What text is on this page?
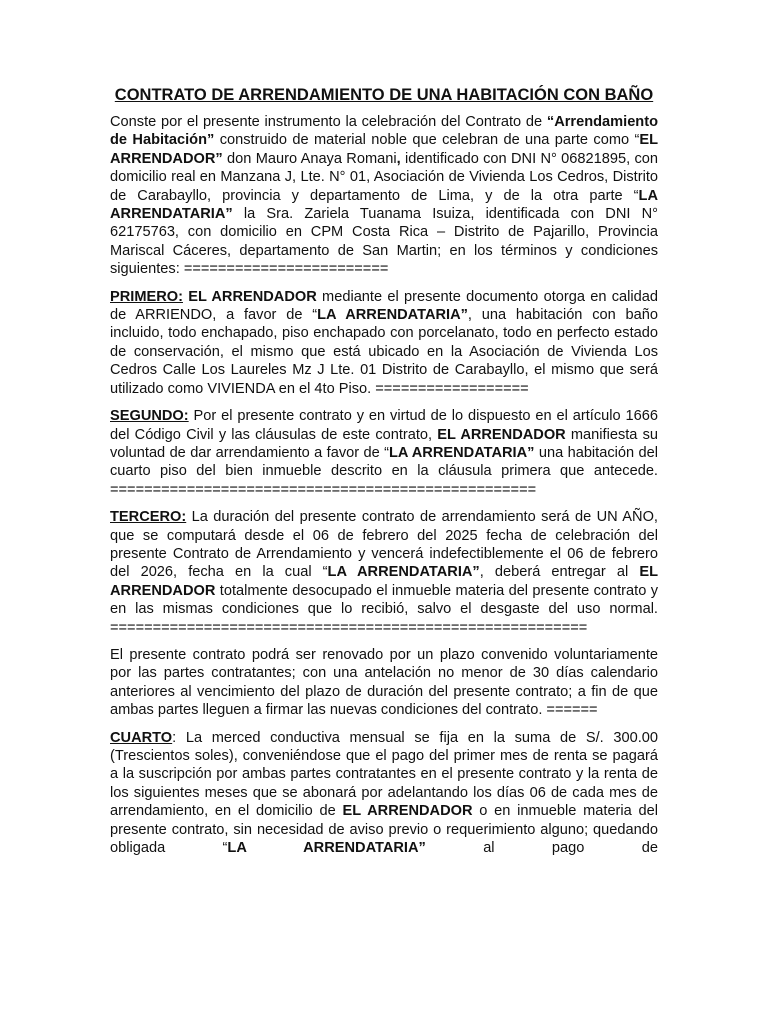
CONTRATO DE ARRENDAMIENTO DE UNA HABITACIÓN CON BAÑO

Conste por el presente instrumento la celebración del Contrato de “Arrendamiento de Habitación” construido de material noble que celebran de una parte como “EL ARRENDADOR” don Mauro Anaya Romani, identificado con DNI N° 06821895, con domicilio real en Manzana J, Lte. N° 01, Asociación de Vivienda Los Cedros, Distrito de Carabayllo, provincia y departamento de Lima, y de la otra parte “LA ARRENDATARIA” la Sra. Zariela Tuanama Isuiza, identificada con DNI N° 62175763, con domicilio en CPM Costa Rica – Distrito de Pajarillo, Provincia Mariscal Cáceres, departamento de San Martin; en los términos y condiciones siguientes: ========================

PRIMERO: EL ARRENDADOR mediante el presente documento otorga en calidad de ARRIENDO, a favor de “LA ARRENDATARIA”, una habitación con baño incluido, todo enchapado, piso enchapado con porcelanato, todo en perfecto estado de conservación, el mismo que está ubicado en la Asociación de Vivienda Los Cedros Calle Los Laureles Mz J Lte. 01 Distrito de Carabayllo, el mismo que será utilizado como VIVIENDA en el 4to Piso. ==================

SEGUNDO: Por el presente contrato y en virtud de lo dispuesto en el artículo 1666 del Código Civil y las cláusulas de este contrato, EL ARRENDADOR manifiesta su voluntad de dar arrendamiento a favor de “LA ARRENDATARIA” una habitación del cuarto piso del bien inmueble descrito en la cláusula primera que antecede. ==================================================

TERCERO: La duración del presente contrato de arrendamiento será de UN AÑO, que se computará desde el 06 de febrero del 2025 fecha de celebración del presente Contrato de Arrendamiento y vencerá indefectiblemente el 06 de febrero del 2026, fecha en la cual “LA ARRENDATARIA”, deberá entregar al EL ARRENDADOR totalmente desocupado el inmueble materia del presente contrato y en las mismas condiciones que lo recibió, salvo el desgaste del uso normal. ========================================================

El presente contrato podrá ser renovado por un plazo convenido voluntariamente por las partes contratantes; con una antelación no menor de 30 días calendario anteriores al vencimiento del plazo de duración del presente contrato; a fin de que ambas partes lleguen a firmar las nuevas condiciones del contrato. ======

CUARTO: La merced conductiva mensual se fija en la suma de S/. 300.00 (Trescientos soles), conveniéndose que el pago del primer mes de renta se pagará a la suscripción por ambas partes contratantes en el presente contrato y la renta de los siguientes meses que se abonará por adelantando los días 06 de cada mes de arrendamiento, en el domicilio de EL ARRENDADOR o en inmueble materia del presente contrato, sin necesidad de aviso previo o requerimiento alguno; quedando obligada “LA ARRENDATARIA” al pago de
